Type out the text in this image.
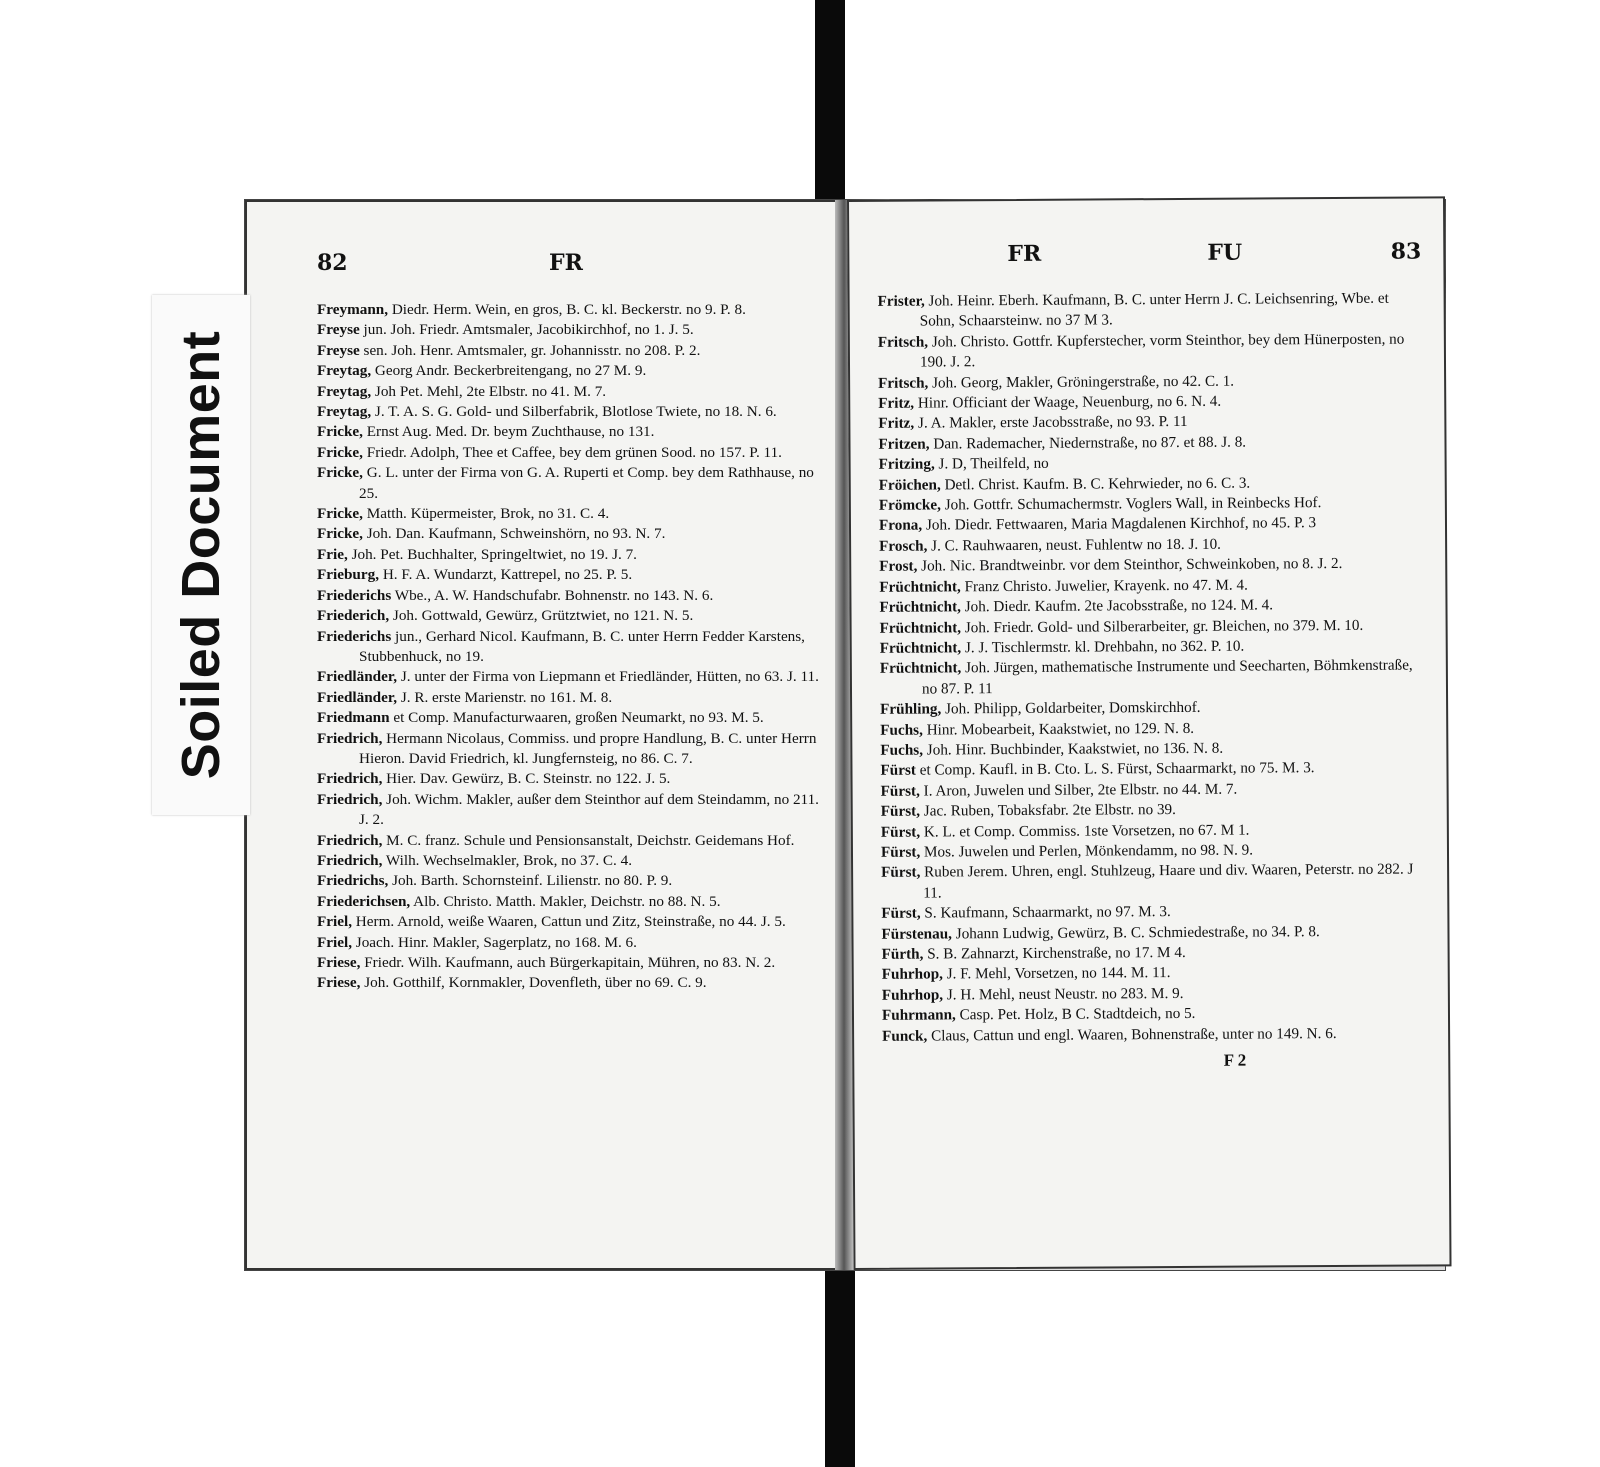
82	FR

Freymann, Diedr. Herm. Wein, en gros, B. C. kl. Beckerstr. no 9. P. 8.

Freyse jun. Joh. Friedr. Amtsmaler, Jacobikirchhof, no 1. J. 5.

Freyse sen. Joh. Henr. Amtsmaler, gr. Johannisstr. no 208. P. 2.

Freytag, Georg Andr. Beckerbreitengang, no 27 M. 9.

Freytag, Joh Pet. Mehl, 2te Elbstr. no 41. M. 7.

Freytag, J. T. A. S. G. Gold- und Silberfabrik, Blotlose Twiete, no 18. N. 6.

Fricke, Ernst Aug. Med. Dr. beym Zuchthause, no 131.

Fricke, Friedr. Adolph, Thee et Caffee, bey dem grünen Sood. no 157. P. 11.

Fricke, G. L. unter der Firma von G. A. Ruperti et Comp. bey dem Rathhause, no 25.

Fricke, Matth. Küpermeister, Brok, no 31. C. 4.

Fricke, Joh. Dan. Kaufmann, Schweinshörn, no 93. N. 7.

Frie, Joh. Pet. Buchhalter, Springeltwiet, no 19. J. 7.

Frieburg, H. F. A. Wundarzt, Kattrepel, no 25. P. 5.

Friederichs Wbe., A. W. Handschufabr. Bohnenstr. no 143. N. 6.

Friederich, Joh. Gottwald, Gewürz, Grütztwiet, no 121. N. 5.

Friederichs jun., Gerhard Nicol. Kaufmann, B. C. unter Herrn Fedder Karstens, Stubbenhuck, no 19.

Friedländer, J. unter der Firma von Liepmann et Friedländer, Hütten, no 63. J. 11.

Friedländer, J. R. erste Marienstr. no 161. M. 8.

Friedmann et Comp. Manufacturwaaren, großen Neumarkt, no 93. M. 5.

Friedrich, Hermann Nicolaus, Commiss. und propre Handlung, B. C. unter Herrn Hieron. David Friedrich, kl. Jungfernsteig, no 86. C. 7.

Friedrich, Hier. Dav. Gewürz, B. C. Steinstr. no 122. J. 5.

Friedrich, Joh. Wichm. Makler, außer dem Steinthor auf dem Steindamm, no 211. J. 2.

Friedrich, M. C. franz. Schule und Pensionsanstalt, Deichstr. Geidemans Hof.

Friedrich, Wilh. Wechselmakler, Brok, no 37. C. 4.

Friedrichs, Joh. Barth. Schornsteinf. Lilienstr. no 80. P. 9.

Friederichsen, Alb. Christo. Matth. Makler, Deichstr. no 88. N. 5.

Friel, Herm. Arnold, weiße Waaren, Cattun und Zitz, Steinstraße, no 44. J. 5.

Friel, Joach. Hinr. Makler, Sagerplatz, no 168. M. 6.

Friese, Friedr. Wilh. Kaufmann, auch Bürgerkapitain, Mühren, no 83. N. 2.

Friese, Joh. Gotthilf, Kornmakler, Dovenfleth, über no 69. C. 9.

FR	FU	83

Frister, Joh. Heinr. Eberh. Kaufmann, B. C. unter Herrn J. C. Leichsenring, Wbe. et Sohn, Schaarsteinw. no 37 M 3.

Fritsch, Joh. Christo. Gottfr. Kupferstecher, vorm Steinthor, bey dem Hünerposten, no 190. J. 2.

Fritsch, Joh. Georg, Makler, Gröningerstraße, no 42. C. 1.

Fritz, Hinr. Officiant der Waage, Neuenburg, no 6. N. 4.

Fritz, J. A. Makler, erste Jacobsstraße, no 93. P. 11

Fritzen, Dan. Rademacher, Niedernstraße, no 87. et 88. J. 8.

Fritzing, J. D, Theilfeld, no

Fröichen, Detl. Christ. Kaufm. B. C. Kehrwieder, no 6. C. 3.

Frömcke, Joh. Gottfr. Schumachermstr. Voglers Wall, in Reinbecks Hof.

Frona, Joh. Diedr. Fettwaaren, Maria Magdalenen Kirchhof, no 45. P. 3

Frosch, J. C. Rauhwaaren, neust. Fuhlentw no 18. J. 10.

Frost, Joh. Nic. Brandtweinbr. vor dem Steinthor, Schweinkoben, no 8. J. 2.

Früchtnicht, Franz Christo. Juwelier, Krayenk. no 47. M. 4.

Früchtnicht, Joh. Diedr. Kaufm. 2te Jacobsstraße, no 124. M. 4.

Früchtnicht, Joh. Friedr. Gold- und Silberarbeiter, gr. Bleichen, no 379. M. 10.

Früchtnicht, J. J. Tischlermstr. kl. Drehbahn, no 362. P. 10.

Früchtnicht, Joh. Jürgen, mathematische Instrumente und Seecharten, Böhmkenstraße, no 87. P. 11

Frühling, Joh. Philipp, Goldarbeiter, Domskirchhof.

Fuchs, Hinr. Mobearbeit, Kaakstwiet, no 129. N. 8.

Fuchs, Joh. Hinr. Buchbinder, Kaakstwiet, no 136. N. 8.

Fürst et Comp. Kaufl. in B. Cto. L. S. Fürst, Schaarmarkt, no 75. M. 3.

Fürst, I. Aron, Juwelen und Silber, 2te Elbstr. no 44. M. 7.

Fürst, Jac. Ruben, Tobaksfabr. 2te Elbstr. no 39.

Fürst, K. L. et Comp. Commiss. 1ste Vorsetzen, no 67. M 1.

Fürst, Mos. Juwelen und Perlen, Mönkendamm, no 98. N. 9.

Fürst, Ruben Jerem. Uhren, engl. Stuhlzeug, Haare und div. Waaren, Peterstr. no 282. J 11.

Fürst, S. Kaufmann, Schaarmarkt, no 97. M. 3.

Fürstenau, Johann Ludwig, Gewürz, B. C. Schmiedestraße, no 34. P. 8.

Fürth, S. B. Zahnarzt, Kirchenstraße, no 17. M 4.

Fuhrhop, J. F. Mehl, Vorsetzen, no 144. M. 11.

Fuhrhop, J. H. Mehl, neust Neustr. no 283. M. 9.

Fuhrmann, Casp. Pet. Holz, B C. Stadtdeich, no 5.

Funck, Claus, Cattun und engl. Waaren, Bohnenstraße, unter no 149. N. 6.

F 2
Soiled Document
